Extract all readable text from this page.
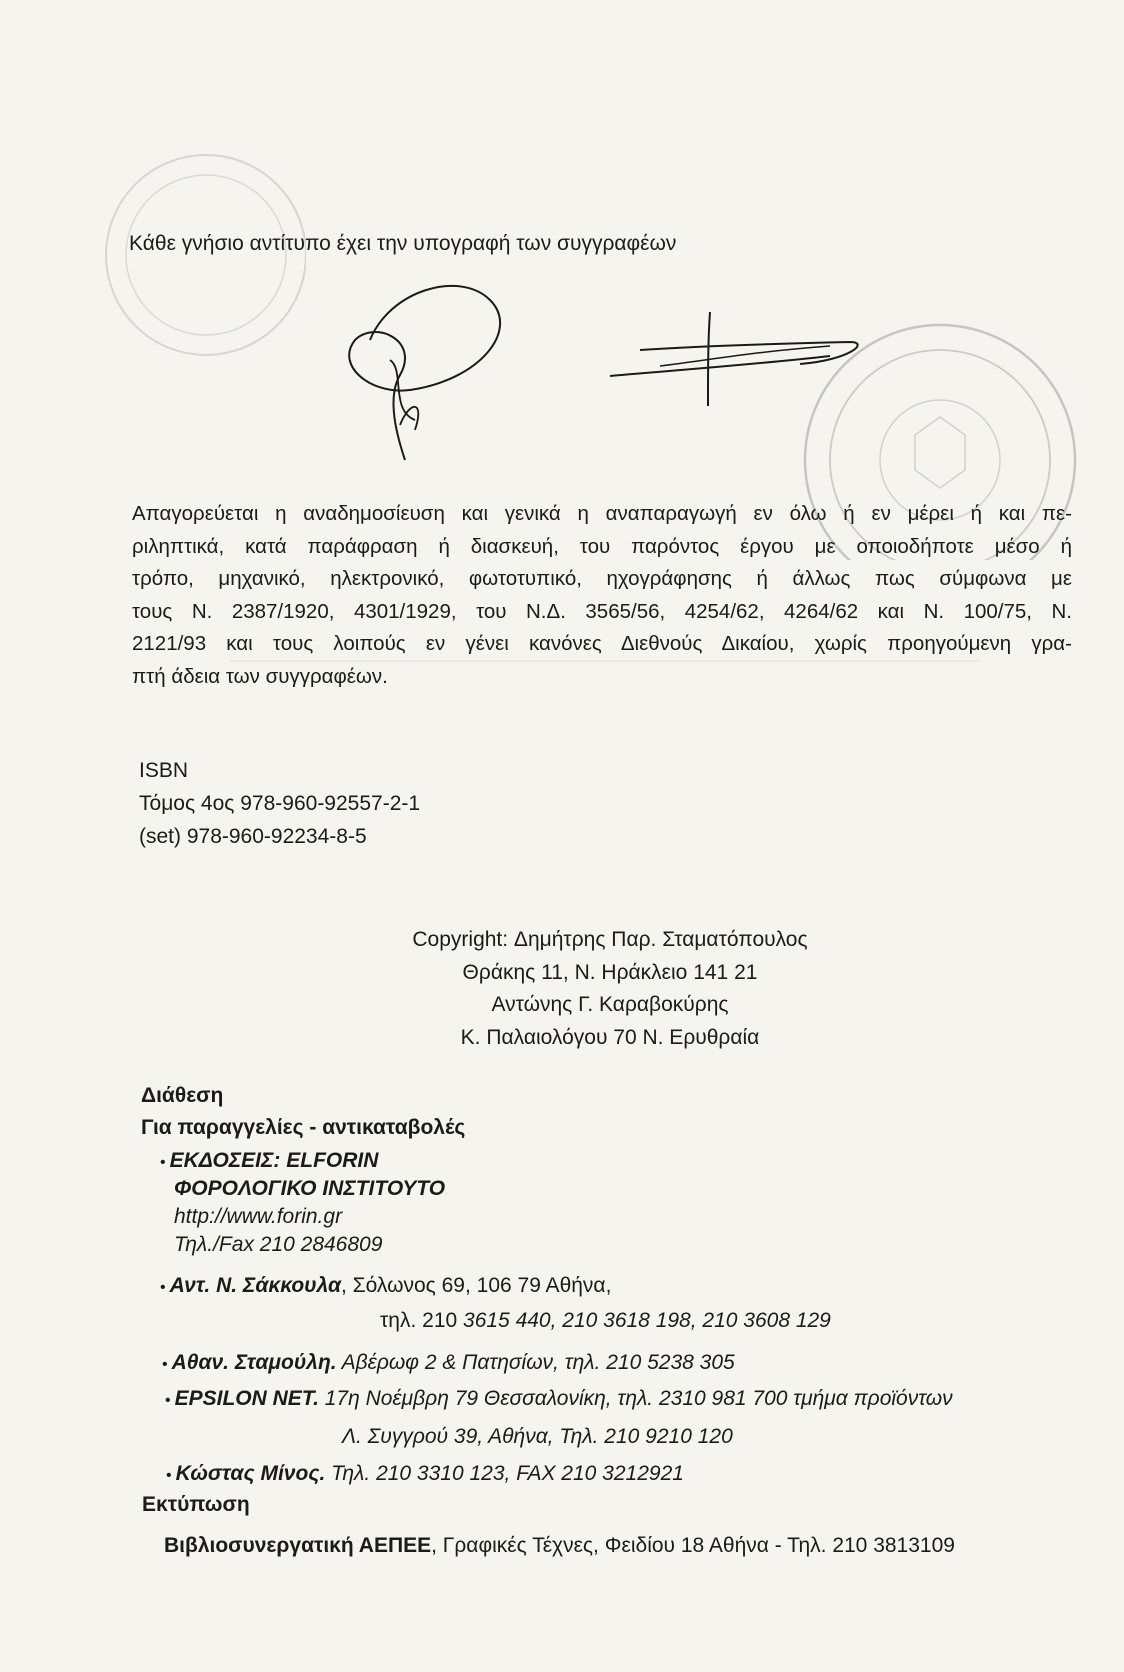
Κάθε γνήσιο αντίτυπο έχει την υπογραφή των συγγραφέων
Απαγορεύεται η αναδημοσίευση και γενικά η αναπαραγωγή εν όλω ή εν μέρει ή και πε-
ριληπτικά, κατά παράφραση ή διασκευή, του παρόντος έργου με οποιοδήποτε μέσο ή
τρόπο, μηχανικό, ηλεκτρονικό, φωτοτυπικό, ηχογράφησης ή άλλως πως σύμφωνα με
τους Ν. 2387/1920, 4301/1929, του Ν.Δ. 3565/56, 4254/62, 4264/62 και Ν. 100/75, Ν.
2121/93 και τους λοιπούς εν γένει κανόνες Διεθνούς Δικαίου, χωρίς προηγούμενη γρα-
πτή άδεια των συγγραφέων.
ISBN
Τόμος 4ος 978-960-92557-2-1
(set) 978-960-92234-8-5
Copyright: Δημήτρης Παρ. Σταματόπουλος
Θράκης 11, Ν. Ηράκλειο 141 21
Αντώνης Γ. Καραβοκύρης
Κ. Παλαιολόγου 70 Ν. Ερυθραία
Διάθεση
Για παραγγελίες - αντικαταβολές
• ΕΚΔΟΣΕΙΣ: ELFORIN
ΦΟΡΟΛΟΓΙΚΟ ΙΝΣΤΙΤΟΥΤΟ
http://www.forin.gr
Τηλ./Fax 210 2846809
• Αντ. Ν. Σάκκουλα, Σόλωνος 69, 106 79 Αθήνα,
τηλ. 210 3615 440, 210 3618 198, 210 3608 129
• Αθαν. Σταμούλη. Αβέρωφ 2 & Πατησίων, τηλ. 210 5238 305
• EPSILON NET. 17η Νοέμβρη 79 Θεσσαλονίκη, τηλ. 2310 981 700 τμήμα προϊόντων
Λ. Συγγρού 39, Αθήνα, Τηλ. 210 9210 120
• Κώστας Μίνος. Τηλ. 210 3310 123, FAX 210 3212921
Εκτύπωση
Βιβλιοσυνεργατική ΑΕΠΕΕ, Γραφικές Τέχνες, Φειδίου 18 Αθήνα - Τηλ. 210 3813109
